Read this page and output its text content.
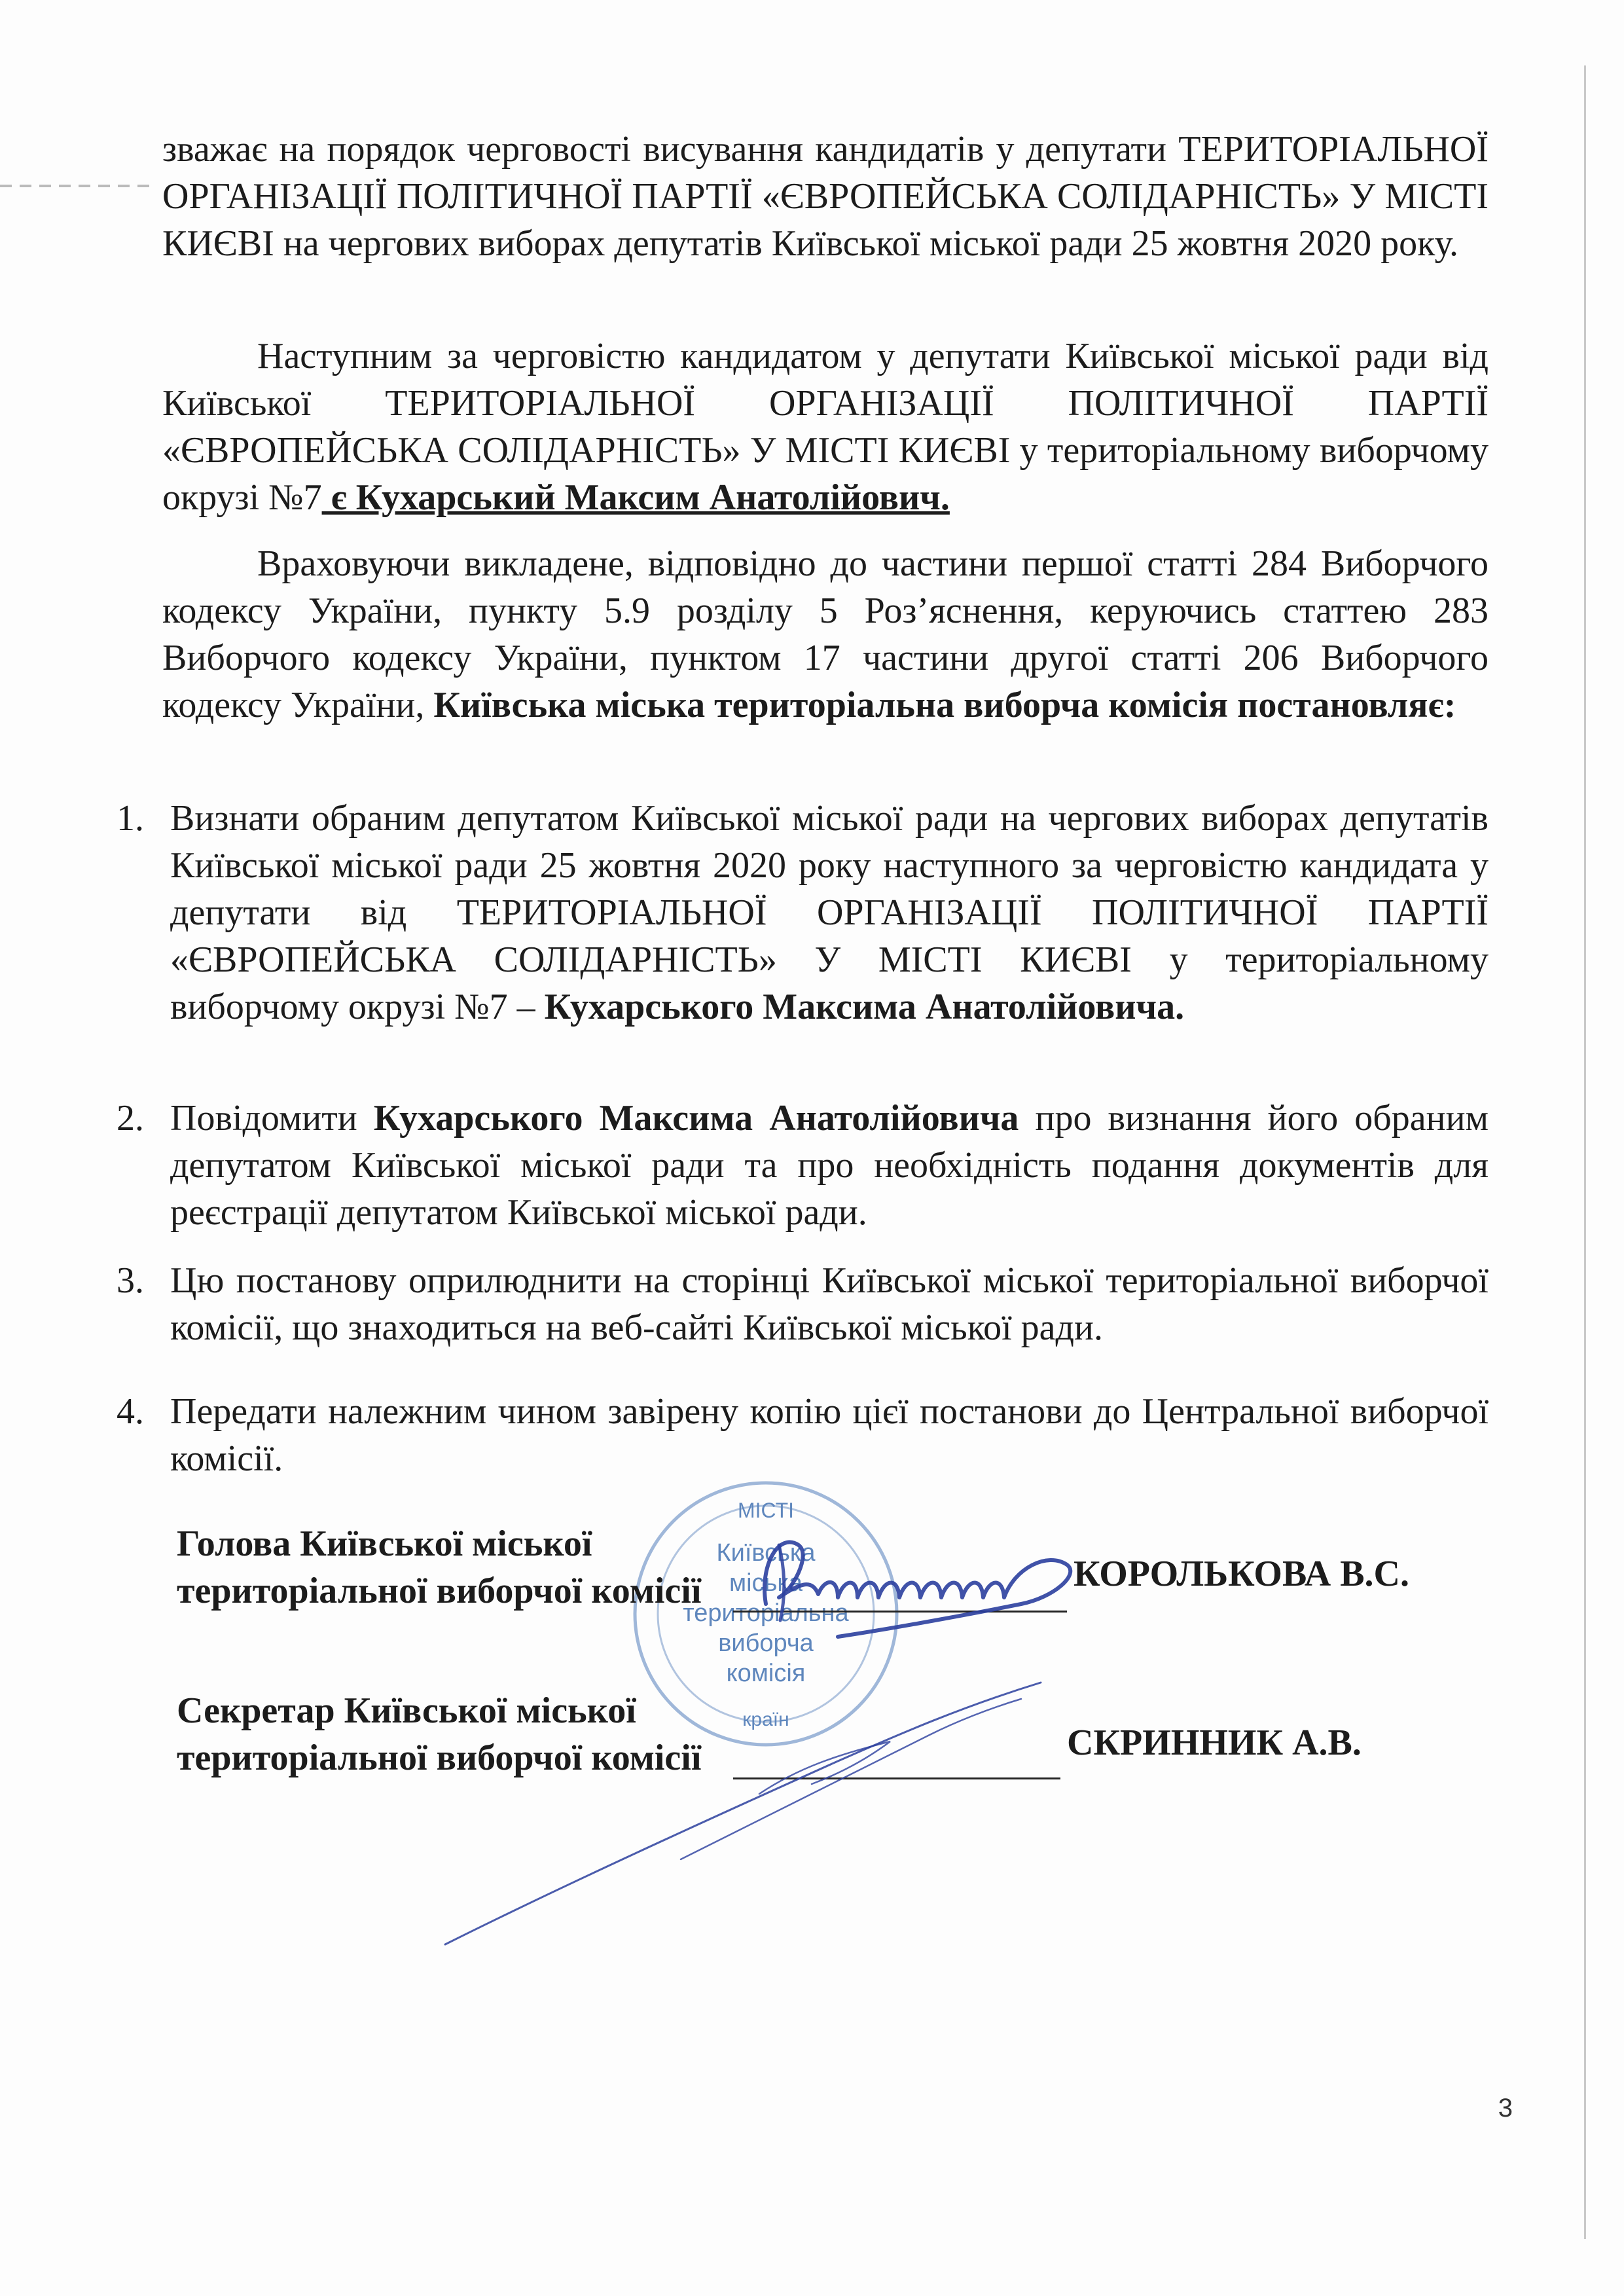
зважає на порядок черговості висування кандидатів у депутати ТЕРИТОРІАЛЬНОЇ ОРГАНІЗАЦІЇ ПОЛІТИЧНОЇ ПАРТІЇ «ЄВРОПЕЙСЬКА СОЛІДАРНІСТЬ» У МІСТІ КИЄВІ на чергових виборах депутатів Київської міської ради 25 жовтня 2020 року.
Наступним за черговістю кандидатом у депутати Київської міської ради від Київської ТЕРИТОРІАЛЬНОЇ ОРГАНІЗАЦІЇ ПОЛІТИЧНОЇ ПАРТІЇ «ЄВРОПЕЙСЬКА СОЛІДАРНІСТЬ» У МІСТІ КИЄВІ у територіальному виборчому окрузі №7 є Кухарський Максим Анатолійович.
Враховуючи викладене, відповідно до частини першої статті 284 Виборчого кодексу України, пункту 5.9 розділу 5 Роз’яснення, керуючись статтею 283 Виборчого кодексу України, пунктом 17 частини другої статті 206 Виборчого кодексу України, Київська міська територіальна виборча комісія постановляє:
1. Визнати обраним депутатом Київської міської ради на чергових виборах депутатів Київської міської ради 25 жовтня 2020 року наступного за черговістю кандидата у депутати від ТЕРИТОРІАЛЬНОЇ ОРГАНІЗАЦІЇ ПОЛІТИЧНОЇ ПАРТІЇ «ЄВРОПЕЙСЬКА СОЛІДАРНІСТЬ» У МІСТІ КИЄВІ у територіальному виборчому окрузі №7 – Кухарського Максима Анатолійовича.
2. Повідомити Кухарського Максима Анатолійовича про визнання його обраним депутатом Київської міської ради та про необхідність подання документів для реєстрації депутатом Київської міської ради.
3. Цю постанову оприлюднити на сторінці Київської міської територіальної виборчої комісії, що знаходиться на веб-сайті Київської міської ради.
4. Передати належним чином завірену копію цієї постанови до Центральної виборчої комісії.
МІСТІ
Київська
міська
територіальна
виборча
комісія
країн
Голова Київської міської
територіальної виборчої комісії	КОРОЛЬКОВА В.С.
Секретар Київської міської
територіальної виборчої комісії	СКРИННИК А.В.
3
